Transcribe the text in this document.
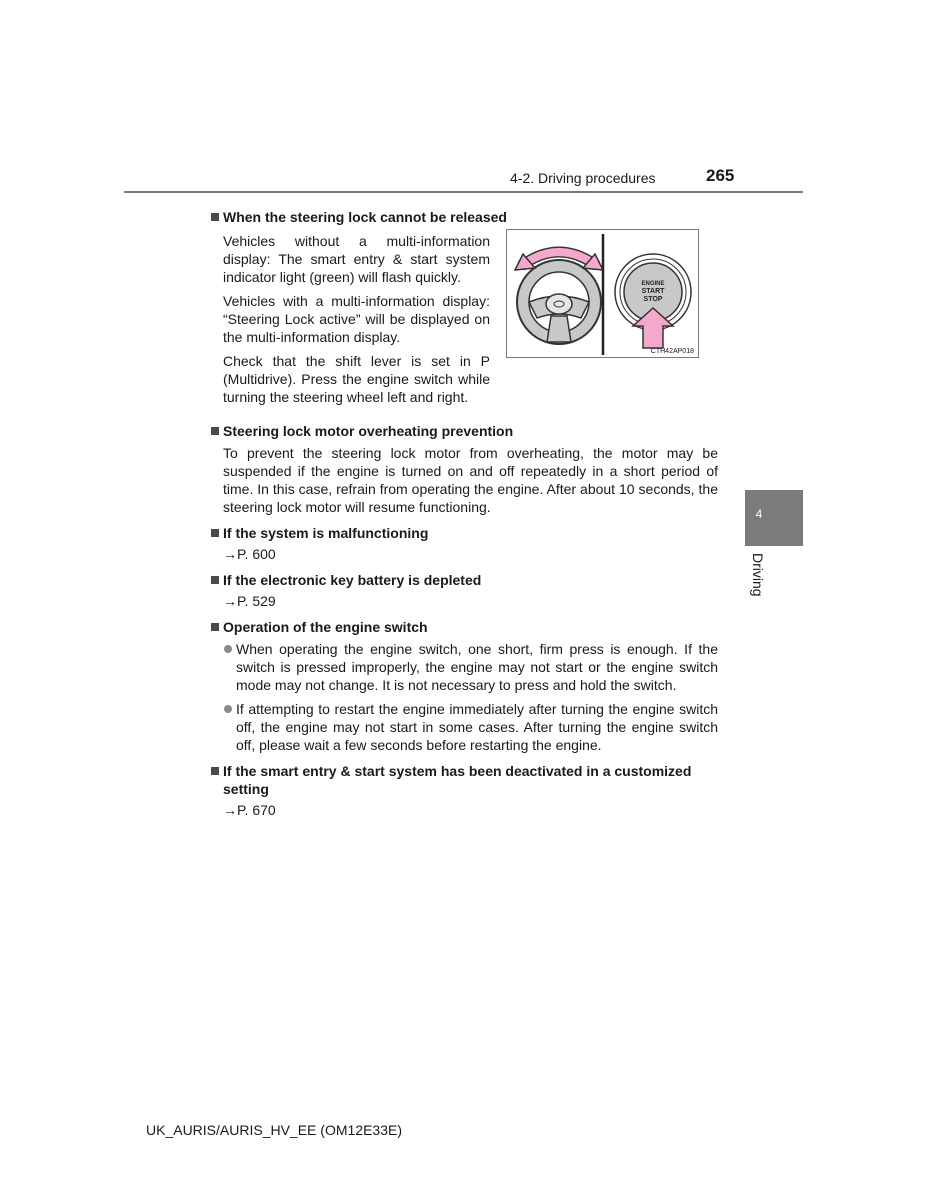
4-2. Driving procedures	265
4
Driving
ENGINE
START
STOP
CTH42AP018
When the steering lock cannot be released
Vehicles without a multi-information display: The smart entry & start system indicator light (green) will flash quickly.
Vehicles with a multi-information display: “Steering Lock active” will be displayed on the multi-information display.
Check that the shift lever is set in P (Multidrive). Press the engine switch while turning the steering wheel left and right.
Steering lock motor overheating prevention
To prevent the steering lock motor from overheating, the motor may be suspended if the engine is turned on and off repeatedly in a short period of time. In this case, refrain from operating the engine. After about 10 seconds, the steering lock motor will resume functioning.
If the system is malfunctioning
→P. 600
If the electronic key battery is depleted
→P. 529
Operation of the engine switch
When operating the engine switch, one short, firm press is enough. If the switch is pressed improperly, the engine may not start or the engine switch mode may not change. It is not necessary to press and hold the switch.
If attempting to restart the engine immediately after turning the engine switch off, the engine may not start in some cases. After turning the engine switch off, please wait a few seconds before restarting the engine.
If the smart entry & start system has been deactivated in a customized setting
→P. 670
UK_AURIS/AURIS_HV_EE (OM12E33E)
